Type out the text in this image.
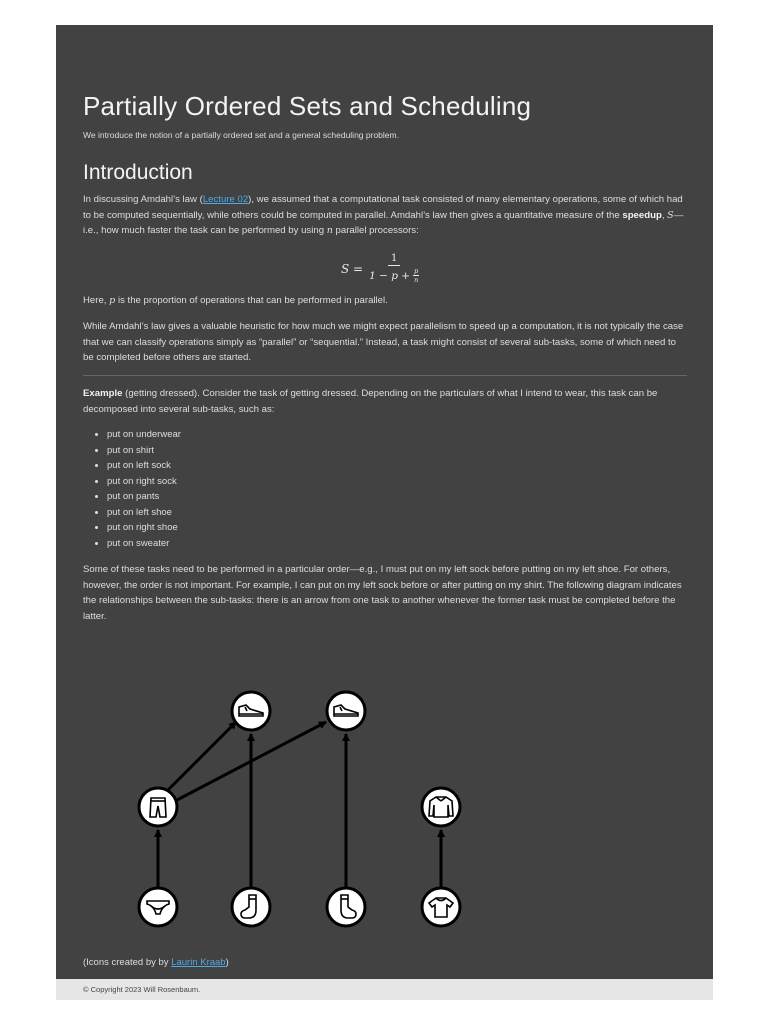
Partially Ordered Sets and Scheduling

We introduce the notion of a partially ordered set and a general scheduling problem.

Introduction

In discussing Amdahl’s law (Lecture 02), we assumed that a computational task consisted of many elementary operations, some of which had to be computed sequentially, while others could be computed in parallel. Amdahl’s law then gives a quantitative measure of the speedup, S—i.e., how much faster the task can be performed by using n parallel processors:

$S = \frac{1}{1 - p + \frac{p}{n}}$

Here, p is the proportion of operations that can be performed in parallel.

While Amdahl’s law gives a valuable heuristic for how much we might expect parallelism to speed up a computation, it is not typically the case that we can classify operations simply as “parallel” or “sequential.” Instead, a task might consist of several sub-tasks, some of which need to be completed before others are started.

Example (getting dressed). Consider the task of getting dressed. Depending on the particulars of what I intend to wear, this task can be decomposed into several sub-tasks, such as:

• put on underwear
• put on shirt
• put on left sock
• put on right sock
• put on pants
• put on left shoe
• put on right shoe
• put on sweater

Some of these tasks need to be performed in a particular order—e.g., I must put on my left sock before putting on my left shoe. For others, however, the order is not important. For example, I can put on my left sock before or after putting on my shirt. The following diagram indicates the relationships between the sub-tasks: there is an arrow from one task to another whenever the former task must be completed before the latter.

(Icons created by by Laurin Kraab)

© Copyright 2023 Will Rosenbaum.
